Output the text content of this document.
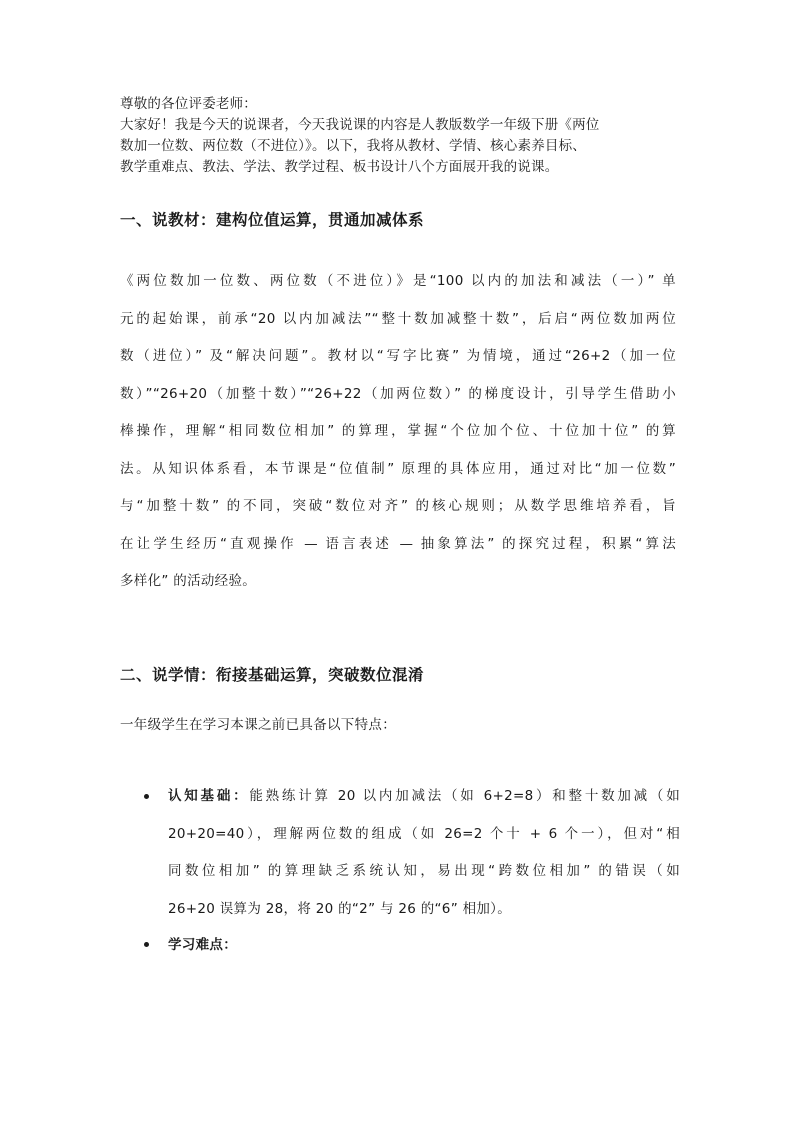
尊敬的各位评委老师：

大家好！我是今天的说课者，今天我说课的内容是人教版数学一年级下册《两位

数加一位数、两位数（不进位）》。以下，我将从教材、学情、核心素养目标、

教学重难点、教法、学法、教学过程、板书设计八个方面展开我的说课。

一、说教材：建构位值运算，贯通加减体系
《两位数加一位数、两位数（不进位）》是“100 以内的加法和减法（一）” 单
元的起始课，前承“20 以内加减法”“整十数加减整十数”，后启“两位数加两位
数（进位）” 及“解决问题”。教材以“写字比赛” 为情境，通过“26+2（加一位
数）”“26+20（加整十数）”“26+22（加两位数）” 的梯度设计，引导学生借助小
棒操作，理解“相同数位相加” 的算理，掌握“个位加个位、十位加十位” 的算
法。从知识体系看，本节课是“位值制” 原理的具体应用，通过对比“加一位数”
与“加整十数” 的不同，突破“数位对齐” 的核心规则；从数学思维培养看，旨
在让学生经历“直观操作 — 语言表述 — 抽象算法” 的探究过程，积累“算法
多样化” 的活动经验。
二、说学情：衔接基础运算，突破数位混淆

一年级学生在学习本课之前已具备以下特点：

认知基础：能熟练计算 20 以内加减法（如 6+2=8）和整十数加减（如
20+20=40），理解两位数的组成（如 26=2 个十 + 6 个一），但对“相
同数位相加” 的算理缺乏系统认知，易出现“跨数位相加” 的错误（如
26+20 误算为 28，将 20 的“2” 与 26 的“6” 相加）。
学习难点：
